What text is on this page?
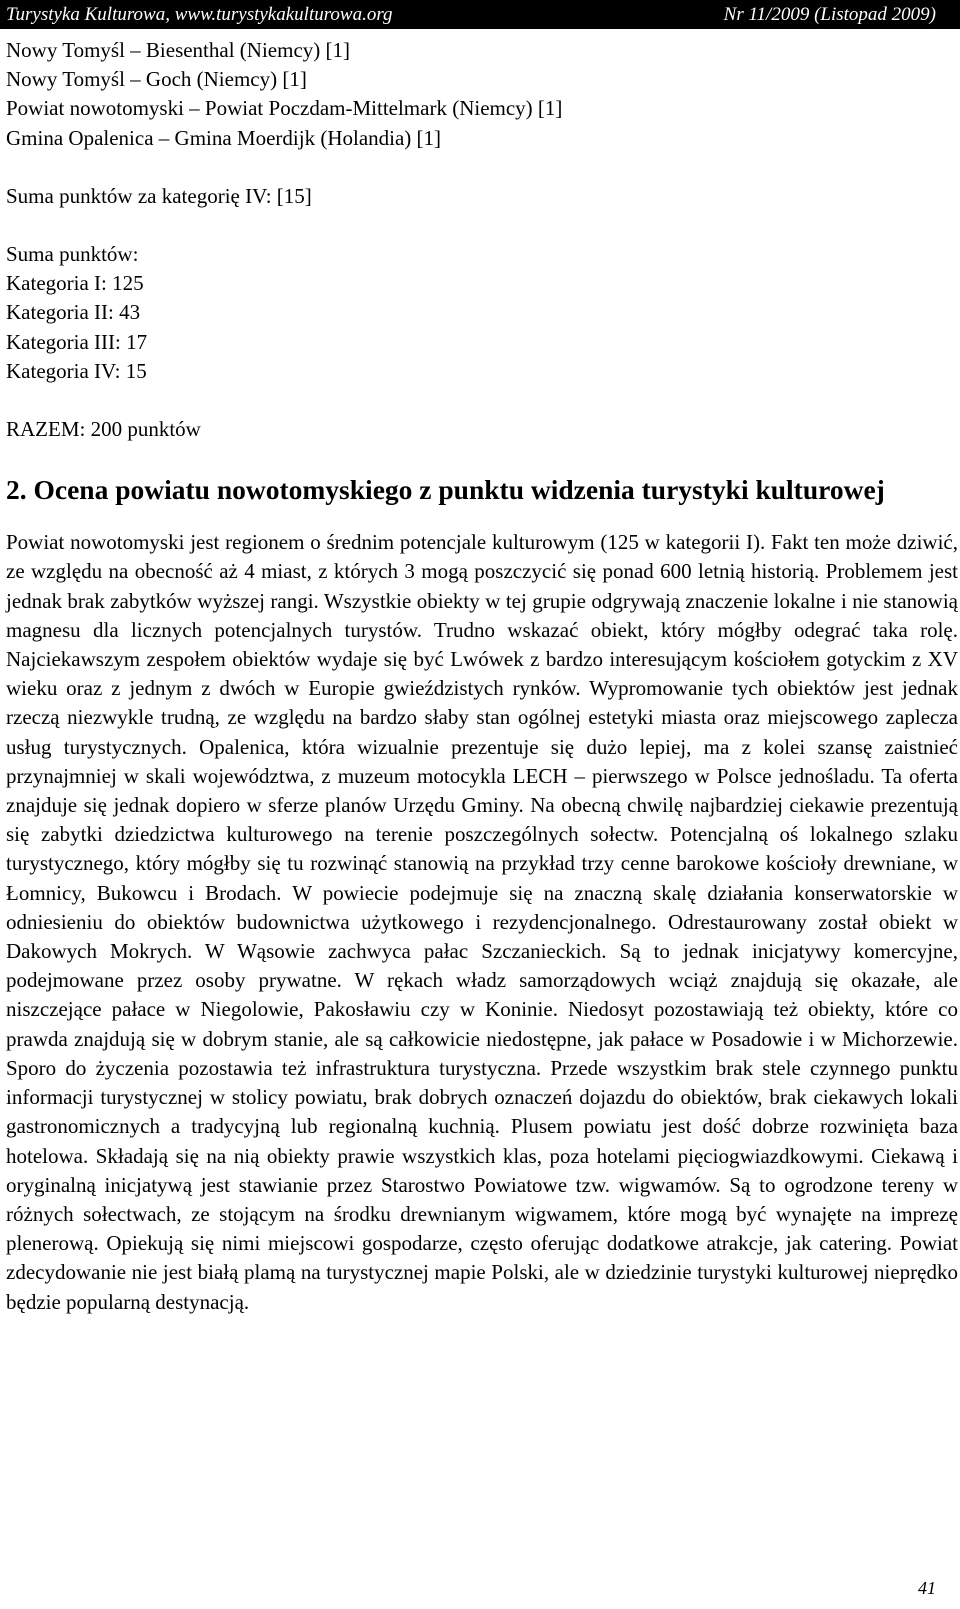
Turystyka Kulturowa, www.turystykakulturowa.org	Nr 11/2009 (Listopad 2009)

Nowy Tomyśl – Biesenthal (Niemcy) [1]

Nowy Tomyśl – Goch (Niemcy) [1]

Powiat nowotomyski – Powiat Poczdam-Mittelmark (Niemcy) [1]

Gmina Opalenica – Gmina Moerdijk (Holandia) [1]

Suma punktów za kategorię IV: [15]

Suma punktów:

Kategoria I: 125

Kategoria II: 43

Kategoria III: 17

Kategoria IV: 15

RAZEM: 200 punktów

2. Ocena powiatu nowotomyskiego z punktu widzenia turystyki kulturowej

Powiat nowotomyski jest regionem o średnim potencjale kulturowym (125 w kategorii I). Fakt ten może dziwić, ze względu na obecność aż 4 miast, z których 3 mogą poszczycić się ponad 600 letnią historią. Problemem jest jednak brak zabytków wyższej rangi. Wszystkie obiekty w tej grupie odgrywają znaczenie lokalne i nie stanowią magnesu dla licznych potencjalnych turystów. Trudno wskazać obiekt, który mógłby odegrać taka rolę. Najciekawszym zespołem obiektów wydaje się być Lwówek z bardzo interesującym kościołem gotyckim z XV wieku oraz z jednym z dwóch w Europie gwieździstych rynków. Wypromowanie tych obiektów jest jednak rzeczą niezwykle trudną, ze względu na bardzo słaby stan ogólnej estetyki miasta oraz miejscowego zaplecza usług turystycznych. Opalenica, która wizualnie prezentuje się dużo lepiej, ma z kolei szansę zaistnieć przynajmniej w skali województwa, z muzeum motocykla LECH – pierwszego w Polsce jednośladu. Ta oferta znajduje się jednak dopiero w sferze planów Urzędu Gminy. Na obecną chwilę najbardziej ciekawie prezentują się zabytki dziedzictwa kulturowego na terenie poszczególnych sołectw. Potencjalną oś lokalnego szlaku turystycznego, który mógłby się tu rozwinąć stanowią na przykład trzy cenne barokowe kościoły drewniane, w Łomnicy, Bukowcu i Brodach. W powiecie podejmuje się na znaczną skalę działania konserwatorskie w odniesieniu do obiektów budownictwa użytkowego i rezydencjonalnego. Odrestaurowany został obiekt w Dakowych Mokrych. W Wąsowie zachwyca pałac Szczanieckich. Są to jednak inicjatywy komercyjne, podejmowane przez osoby prywatne. W rękach władz samorządowych wciąż znajdują się okazałe, ale niszczejące pałace w Niegolowie, Pakosławiu czy w Koninie. Niedosyt pozostawiają też obiekty, które co prawda znajdują się w dobrym stanie, ale są całkowicie niedostępne, jak pałace w Posadowie i w Michorzewie. Sporo do życzenia pozostawia też infrastruktura turystyczna. Przede wszystkim brak stele czynnego punktu informacji turystycznej w stolicy powiatu, brak dobrych oznaczeń dojazdu do obiektów, brak ciekawych lokali gastronomicznych a tradycyjną lub regionalną kuchnią. Plusem powiatu jest dość dobrze rozwinięta baza hotelowa. Składają się na nią obiekty prawie wszystkich klas, poza hotelami pięciogwiazdkowymi. Ciekawą i oryginalną inicjatywą jest stawianie przez Starostwo Powiatowe tzw. wigwamów. Są to ogrodzone tereny w różnych sołectwach, ze stojącym na środku drewnianym wigwamem, które mogą być wynajęte na imprezę plenerową. Opiekują się nimi miejscowi gospodarze, często oferując dodatkowe atrakcje, jak catering. Powiat zdecydowanie nie jest białą plamą na turystycznej mapie Polski, ale w dziedzinie turystyki kulturowej nieprędko będzie popularną destynacją.

41
